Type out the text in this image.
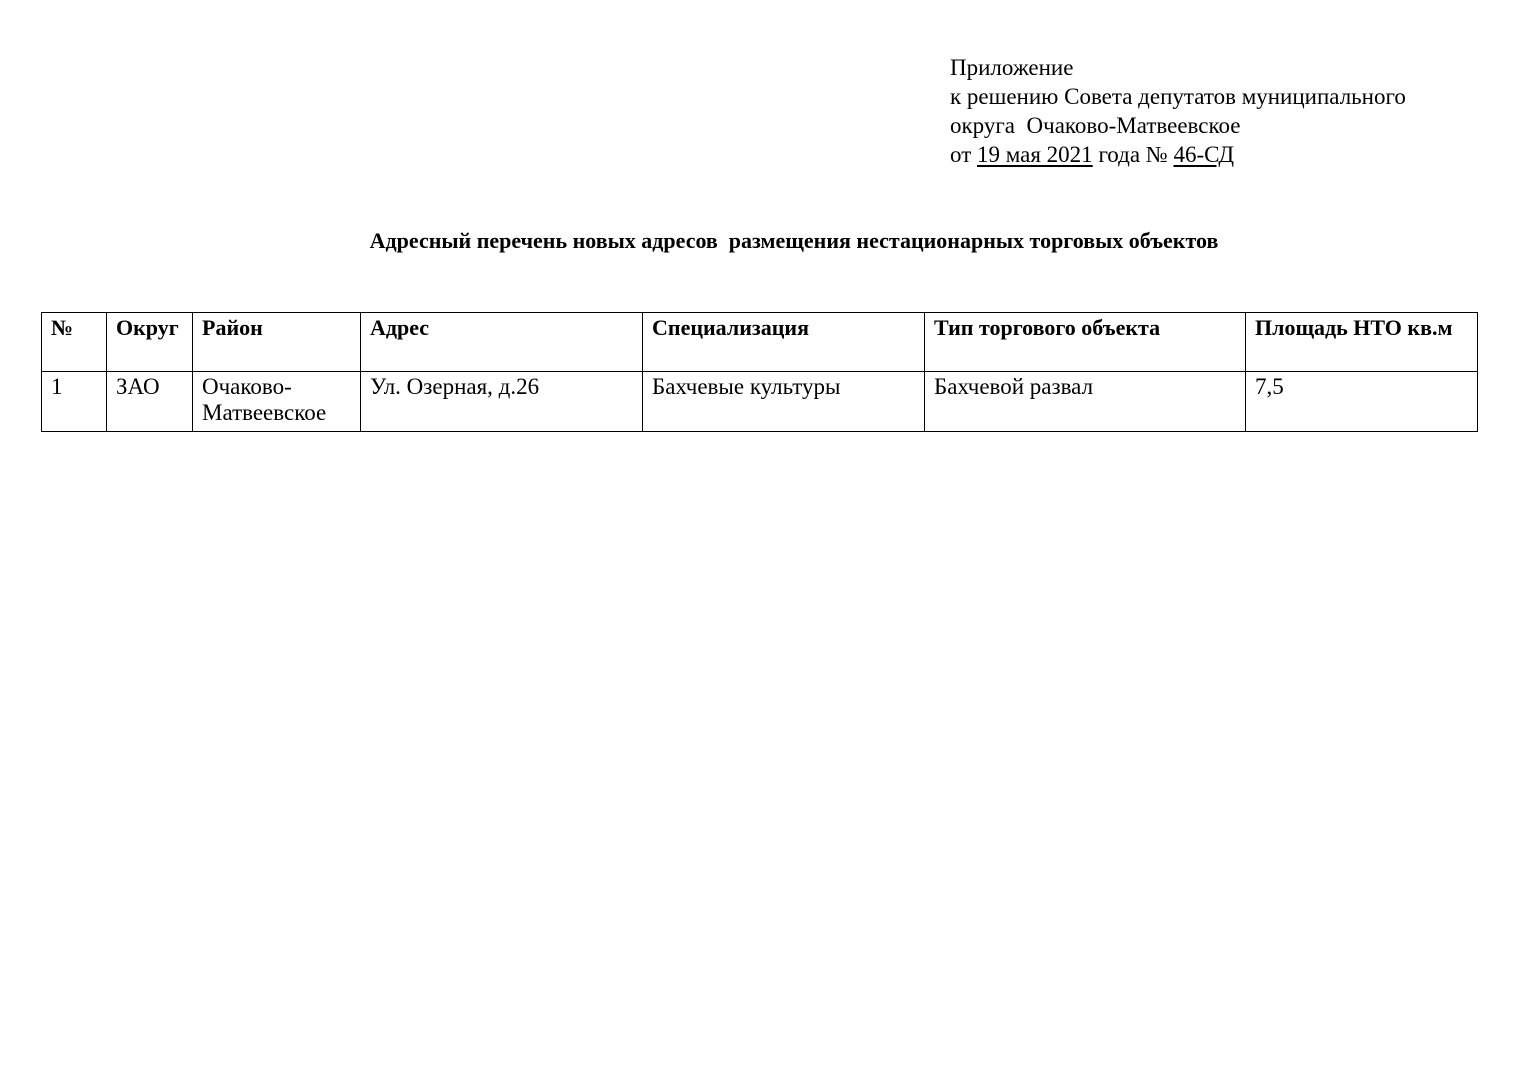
Приложение
к решению Совета депутатов муниципального
округа  Очаково-Матвеевское
от 19 мая 2021 года № 46-СД
Адресный перечень новых адресов  размещения нестационарных торговых объектов
№	Округ	Район	Адрес	Специализация	Тип торгового объекта	Площадь НТО кв.м
1	ЗАО	Очаково-Матвеевское	Ул. Озерная, д.26	Бахчевые культуры	Бахчевой развал	7,5
